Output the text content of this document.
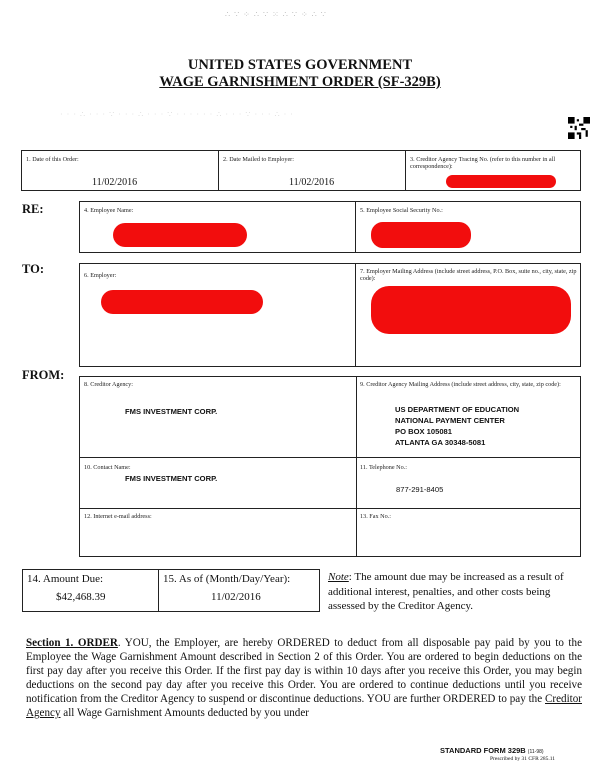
∴ ∵ ⁘ ∴ ∵ ⁙ ∴ ∵ ⁘ ∴ ∵
· · · ∴ · · · ∵ · · · ∴ · · · ∵ · · · · · · ∴ · · · ∵ · · · ∴ · ·
UNITED STATES GOVERNMENT
WAGE GARNISHMENT ORDER (SF-329B)
1. Date of this Order:
11/02/2016
2. Date Mailed to Employer:
11/02/2016
3. Creditor Agency Tracing No. (refer to this number in all correspondence):
RE:	4. Employee Name:	5. Employee Social Security No.:
TO:	6. Employer:
7. Employer Mailing Address (include street address, P.O. Box, suite no., city, state, zip code):
FROM:
8. Creditor Agency:
FMS INVESTMENT CORP.
9. Creditor Agency Mailing Address (include street address, city, state, zip code):
US DEPARTMENT OF EDUCATION
NATIONAL PAYMENT CENTER
PO BOX 105081
ATLANTA GA 30348-5081
10. Contact Name:
FMS INVESTMENT CORP.
11. Telephone No.:
877-291-8405
12. Internet e-mail address:	13. Fax No.:
14. Amount Due:
$42,468.39
15. As of (Month/Day/Year):
11/02/2016
Note: The amount due may be increased as a result of additional interest, penalties, and other costs being assessed by the Creditor Agency.
Section 1. ORDER. YOU, the Employer, are hereby ORDERED to deduct from all disposable pay paid by you to the Employee the Wage Garnishment Amount described in Section 2 of this Order. You are ordered to begin deductions on the first pay day after you receive this Order. If the first pay day is within 10 days after you receive this Order, you may begin deductions on the second pay day after you receive this Order. You are ordered to continue deductions until you receive notification from the Creditor Agency to suspend or discontinue deductions. YOU are further ORDERED to pay the Creditor Agency all Wage Garnishment Amounts deducted by you under
STANDARD FORM 329B (11-98)
Prescribed by 31 CFR 285.11
